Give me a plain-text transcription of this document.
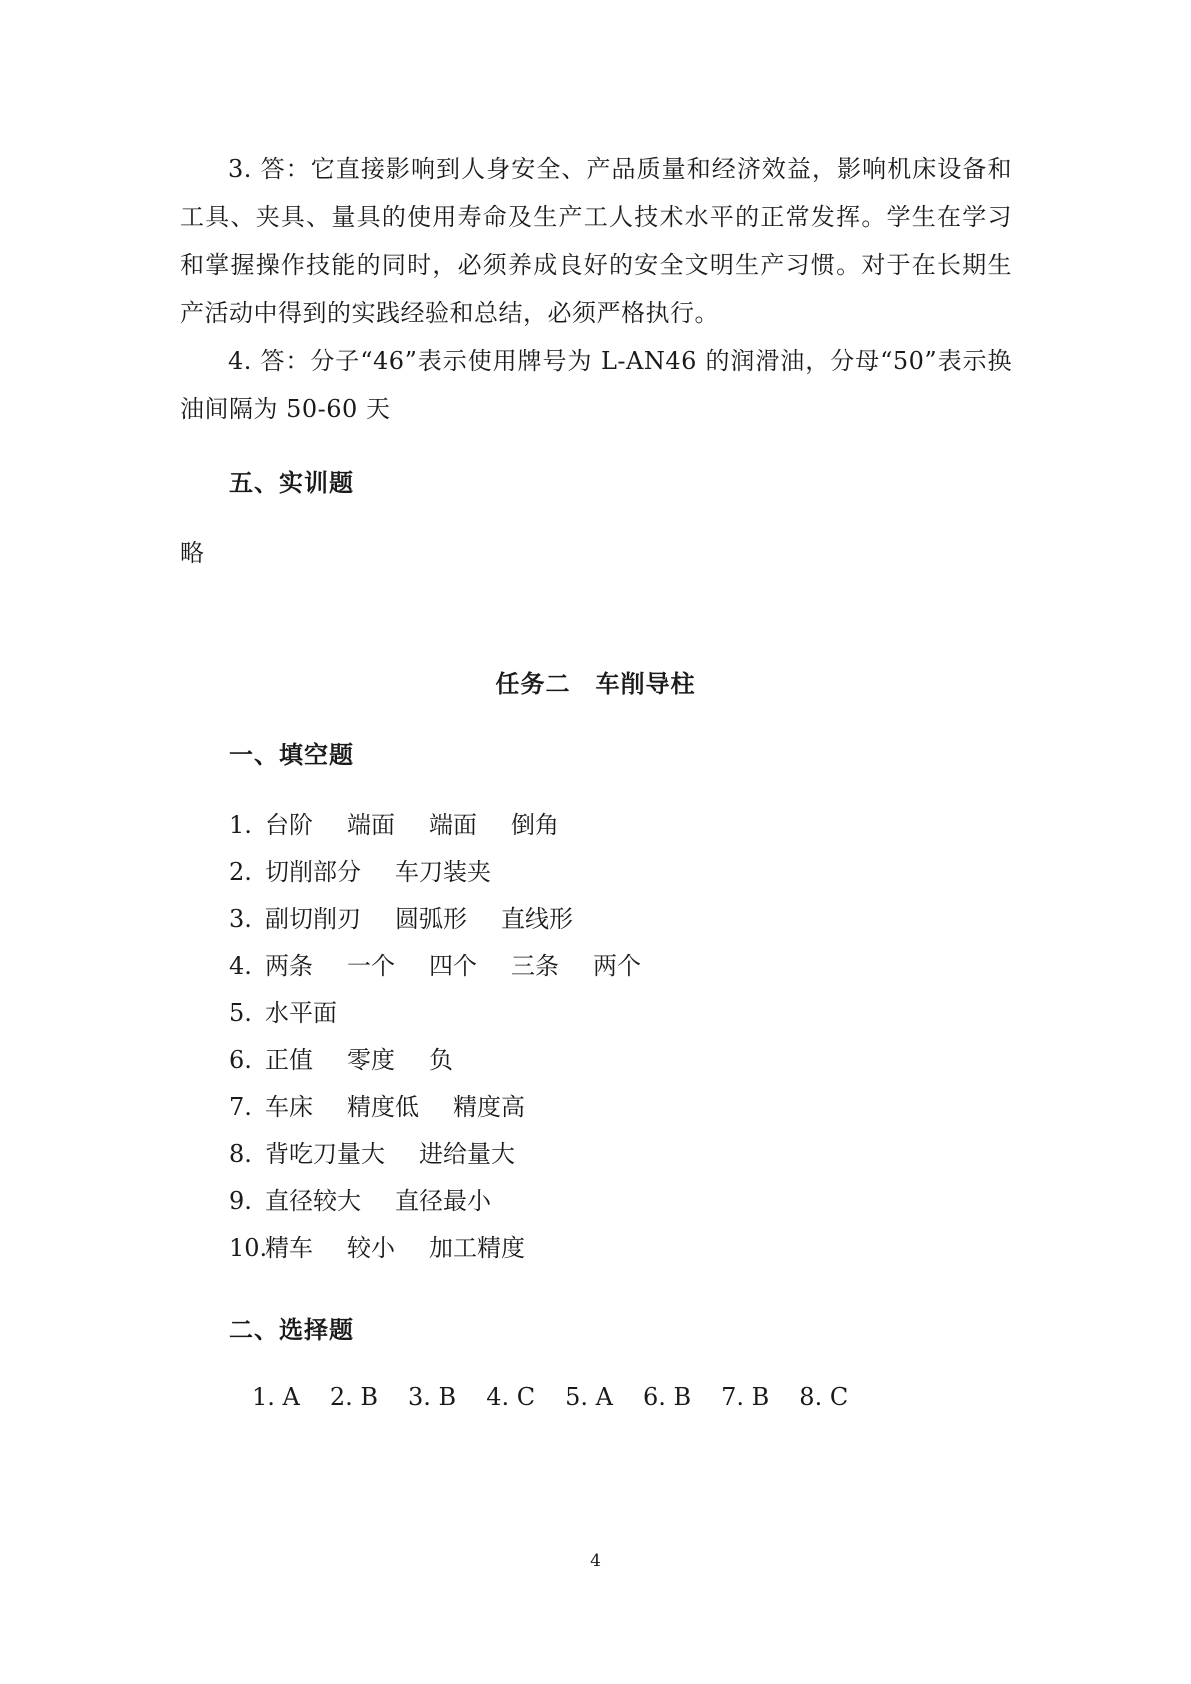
3. 答：它直接影响到人身安全、产品质量和经济效益，影响机床设备和工具、夹具、量具的使用寿命及生产工人技术水平的正常发挥。学生在学习和掌握操作技能的同时，必须养成良好的安全文明生产习惯。对于在长期生产活动中得到的实践经验和总结，必须严格执行。

4. 答：分子“46”表示使用牌号为 L-AN46 的润滑油，分母“50”表示换油间隔为 50-60 天

五、实训题

略

任务二　车削导柱

一、填空题

1. 台阶 端面 端面 倒角
2. 切削部分 车刀装夹
3. 副切削刃 圆弧形 直线形
4. 两条 一个 四个 三条 两个
5. 水平面
6. 正值 零度 负
7. 车床 精度低 精度高
8. 背吃刀量大 进给量大
9. 直径较大 直径最小
10.精车 较小 加工精度

二、选择题

1. A 2. B 3. B 4. C 5. A 6. B 7. B 8. C

4
